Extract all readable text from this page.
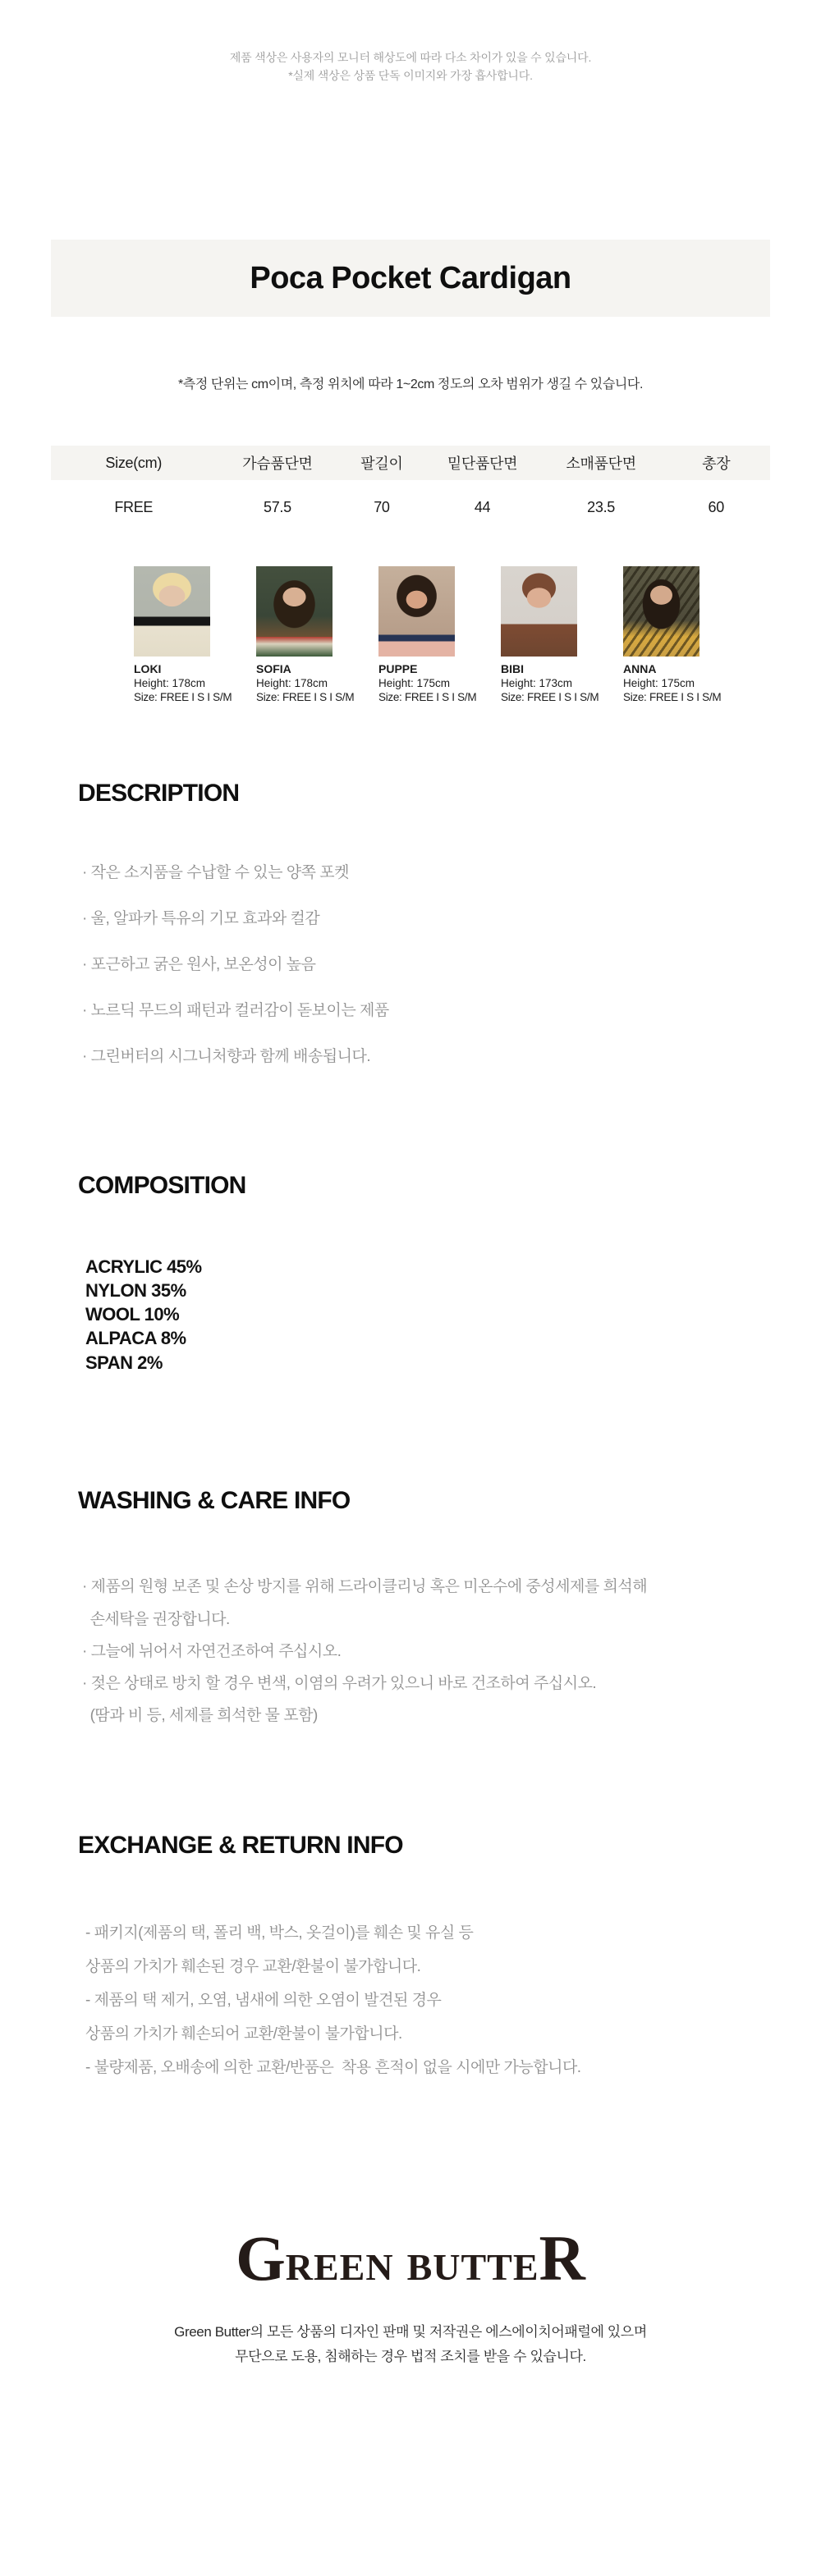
제품 색상은 사용자의 모니터 해상도에 따라 다소 차이가 있을 수 있습니다.
*실제 색상은 상품 단독 이미지와 가장 흡사합니다.
Poca Pocket Cardigan
*측정 단위는 cm이며, 측정 위치에 따라 1~2cm 정도의 오차 범위가 생길 수 있습니다.
Size(cm)	가슴품단면	팔길이	밑단품단면	소매품단면	총장
FREE	57.5	70	44	23.5	60
LOKI
Height: 178cm
Size: FREE I S I S/M
SOFIA
Height: 178cm
Size: FREE I S I S/M
PUPPE
Height: 175cm
Size: FREE I S I S/M
BIBI
Height: 173cm
Size: FREE I S I S/M
ANNA
Height: 175cm
Size: FREE I S I S/M
DESCRIPTION
· 작은 소지품을 수납할 수 있는 양쪽 포켓
· 울, 알파카 특유의 기모 효과와 컬감
· 포근하고 굵은 원사, 보온성이 높음
· 노르딕 무드의 패턴과 컬러감이 돋보이는 제품
· 그린버터의 시그니처향과 함께 배송됩니다.
COMPOSITION
ACRYLIC 45%
NYLON 35%
WOOL 10%
ALPACA 8%
SPAN 2%
WASHING & CARE INFO
· 제품의 원형 보존 및 손상 방지를 위해 드라이클리닝 혹은 미온수에 중성세제를 희석해
손세탁을 권장합니다.
· 그늘에 뉘어서 자연건조하여 주십시오.
· 젖은 상태로 방치 할 경우 변색, 이염의 우려가 있으니 바로 건조하여 주십시오.
(땀과 비 등, 세제를 희석한 물 포함)
EXCHANGE & RETURN INFO
- 패키지(제품의 택, 폴리 백, 박스, 옷걸이)를 훼손 및 유실 등
상품의 가치가 훼손된 경우 교환/환불이 불가합니다.
- 제품의 택 제거, 오염, 냄새에 의한 오염이 발견된 경우
상품의 가치가 훼손되어 교환/환불이 불가합니다.
- 불량제품, 오배송에 의한 교환/반품은  착용 흔적이 없을 시에만 가능합니다.
GREEN BUTTER
Green Butter의 모든 상품의 디자인 판매 및 저작권은 에스에이치어패럴에 있으며
무단으로 도용, 침해하는 경우 법적 조치를 받을 수 있습니다.
